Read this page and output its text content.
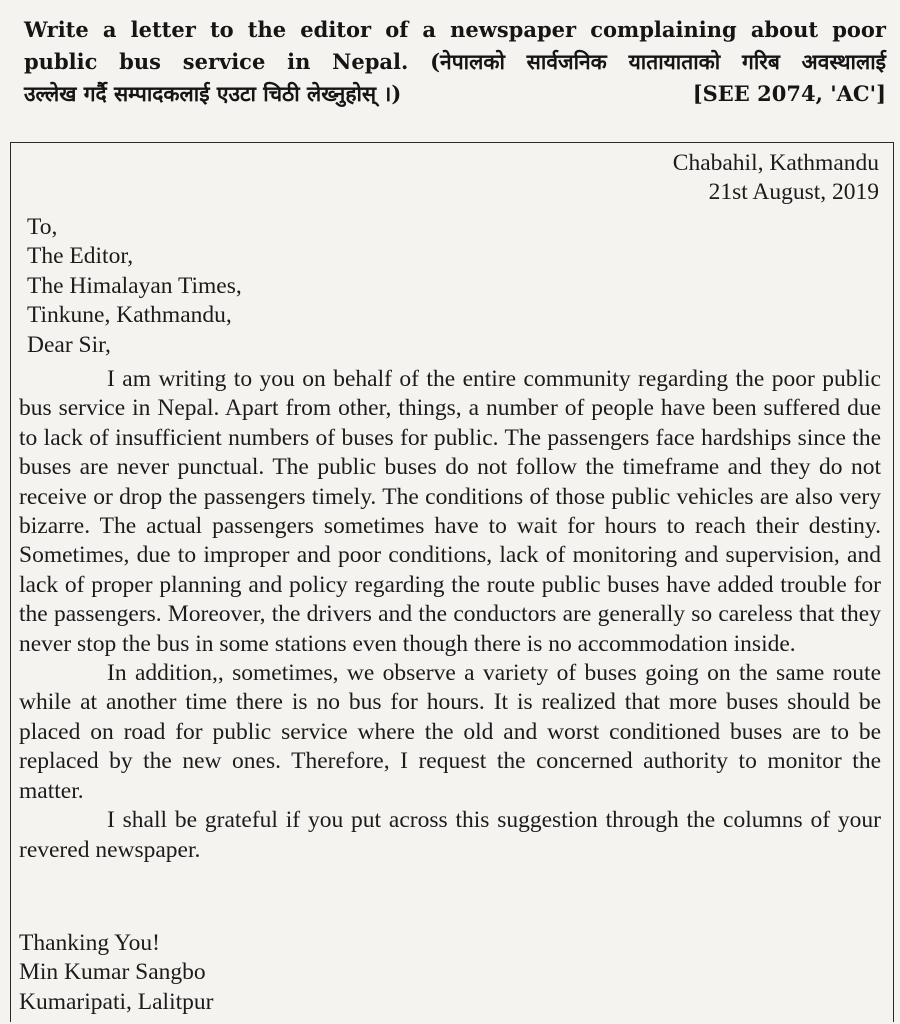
Write a letter to the editor of a newspaper complaining about poor
public bus service in Nepal. (नेपालको सार्वजनिक यातायाताको गरिब अवस्थालाई
उल्लेख गर्दै सम्पादकलाई एउटा चिठी लेख्नुहोस् ।)	[SEE 2074, 'AC']
Chabahil, Kathmandu
21st August, 2019
To,
The Editor,
The Himalayan Times,
Tinkune, Kathmandu,
Dear Sir,

I am writing to you on behalf of the entire community regarding the poor public bus service in Nepal. Apart from other, things, a number of people have been suffered due to lack of insufficient numbers of buses for public. The passengers face hardships since the buses are never punctual. The public buses do not follow the timeframe and they do not receive or drop the passengers timely. The conditions of those public vehicles are also very bizarre. The actual passengers sometimes have to wait for hours to reach their destiny. Sometimes, due to improper and poor conditions, lack of monitoring and supervision, and lack of proper planning and policy regarding the route public buses have added trouble for the passengers. Moreover, the drivers and the conductors are generally so careless that they never stop the bus in some stations even though there is no accommodation inside.

In addition,, sometimes, we observe a variety of buses going on the same route while at another time there is no bus for hours. It is realized that more buses should be placed on road for public service where the old and worst conditioned buses are to be replaced by the new ones. Therefore, I request the concerned authority to monitor the matter.

I shall be grateful if you put across this suggestion through the columns of your revered newspaper.

Thanking You!
Min Kumar Sangbo
Kumaripati, Lalitpur
